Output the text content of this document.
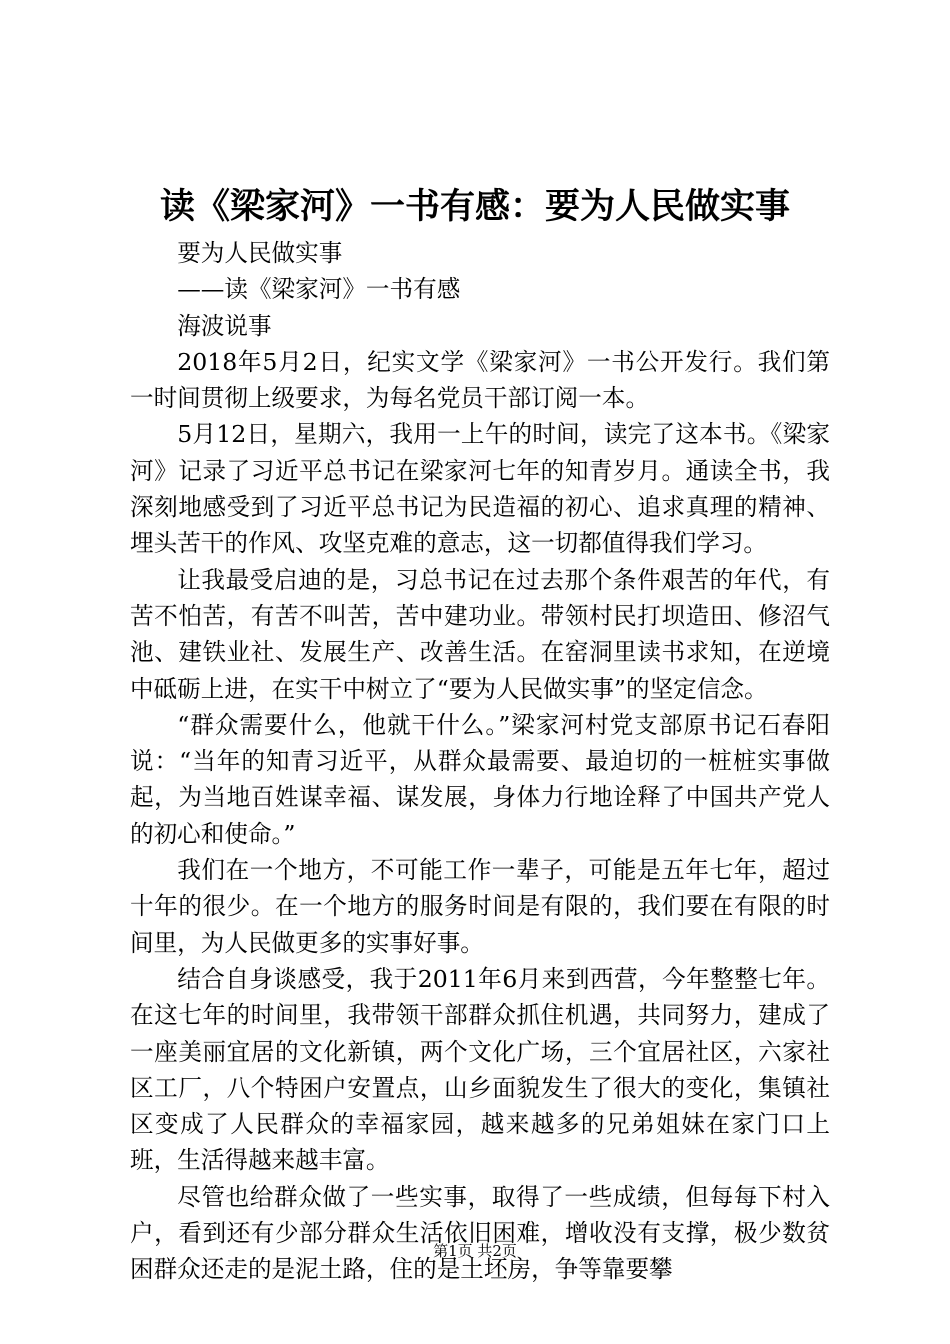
读《梁家河》一书有感：要为人民做实事

要为人民做实事

——读《梁家河》一书有感

海波说事

2018年5月2日，纪实文学《梁家河》一书公开发行。我们第一时间贯彻上级要求，为每名党员干部订阅一本。

5月12日，星期六，我用一上午的时间，读完了这本书。《梁家河》记录了习近平总书记在梁家河七年的知青岁月。通读全书，我深刻地感受到了习近平总书记为民造福的初心、追求真理的精神、埋头苦干的作风、攻坚克难的意志，这一切都值得我们学习。

让我最受启迪的是，习总书记在过去那个条件艰苦的年代，有苦不怕苦，有苦不叫苦，苦中建功业。带领村民打坝造田、修沼气池、建铁业社、发展生产、改善生活。在窑洞里读书求知，在逆境中砥砺上进，在实干中树立了“要为人民做实事”的坚定信念。

“群众需要什么，他就干什么。”梁家河村党支部原书记石春阳说：“当年的知青习近平，从群众最需要、最迫切的一桩桩实事做起，为当地百姓谋幸福、谋发展，身体力行地诠释了中国共产党人的初心和使命。”

我们在一个地方，不可能工作一辈子，可能是五年七年，超过十年的很少。在一个地方的服务时间是有限的，我们要在有限的时间里，为人民做更多的实事好事。

结合自身谈感受，我于2011年6月来到西营，今年整整七年。在这七年的时间里，我带领干部群众抓住机遇，共同努力，建成了一座美丽宜居的文化新镇，两个文化广场，三个宜居社区，六家社区工厂，八个特困户安置点，山乡面貌发生了很大的变化，集镇社区变成了人民群众的幸福家园，越来越多的兄弟姐妹在家门口上班，生活得越来越丰富。

尽管也给群众做了一些实事，取得了一些成绩，但每每下村入户，看到还有少部分群众生活依旧困难，增收没有支撑，极少数贫困群众还走的是泥土路，住的是土坯房，争等靠要攀

第1页 共2页
